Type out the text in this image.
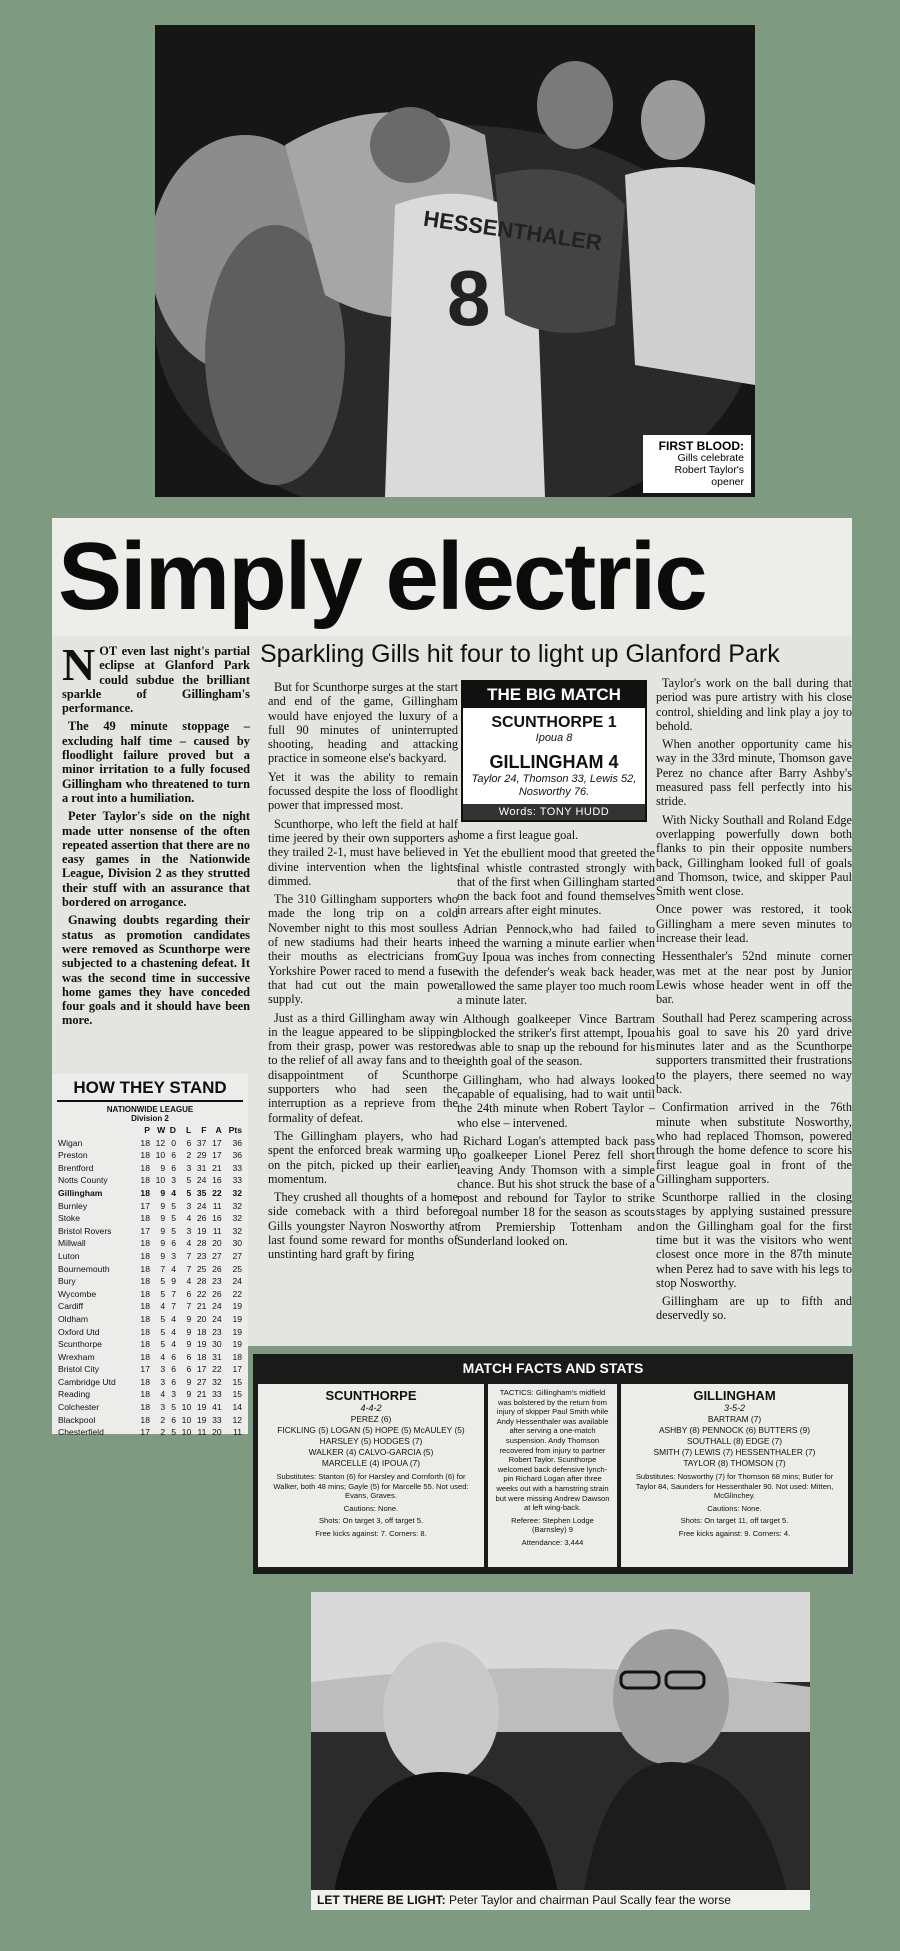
HESSENTHALER
8
FIRST BLOOD:
Gills celebrate Robert Taylor's opener
Simply electric
Sparkling Gills hit four to light up Glanford Park

NOT even last night's partial eclipse at Glanford Park could subdue the brilliant sparkle of Gillingham's performance.

The 49 minute stoppage – excluding half time – caused by floodlight failure proved but a minor irritation to a fully focused Gillingham who threatened to turn a rout into a humiliation.

Peter Taylor's side on the night made utter nonsense of the often repeated assertion that there are no easy games in the Nationwide League, Division 2 as they strutted their stuff with an assurance that bordered on arrogance.

Gnawing doubts regarding their status as promotion candidates were removed as Scunthorpe were subjected to a chastening defeat. It was the second time in successive home games they have conceded four goals and it should have been more.

But for Scunthorpe surges at the start and end of the game, Gillingham would have enjoyed the luxury of a full 90 minutes of uninterrupted shooting, heading and attacking practice in someone else's backyard.

Yet it was the ability to remain focussed despite the loss of floodlight power that impressed most.

Scunthorpe, who left the field at half time jeered by their own supporters as they trailed 2-1, must have believed in divine intervention when the lights dimmed.

The 310 Gillingham supporters who made the long trip on a cold November night to this most soulless of new stadiums had their hearts in their mouths as electricians from Yorkshire Power raced to mend a fuse that had cut out the main power supply.

Just as a third Gillingham away win in the league appeared to be slipping from their grasp, power was restored to the relief of all away fans and to the disappointment of Scunthorpe supporters who had seen the interruption as a reprieve from the formality of defeat.

The Gillingham players, who had spent the enforced break warming up on the pitch, picked up their earlier momentum.

They crushed all thoughts of a home side comeback with a third before Gills youngster Nayron Nosworthy at last found some reward for months of unstinting hard graft by firing

THE BIG MATCH
SCUNTHORPE 1
Ipoua 8
GILLINGHAM 4
Taylor 24, Thomson 33, Lewis 52, Nosworthy 76.
Words: TONY HUDD

home a first league goal.

Yet the ebullient mood that greeted the final whistle contrasted strongly with that of the first when Gillingham started on the back foot and found themselves in arrears after eight minutes.

Adrian Pennock,who had failed to heed the warning a minute earlier when Guy Ipoua was inches from connecting with the defender's weak back header, allowed the same player too much room a minute later.

Although goalkeeper Vince Bartram blocked the striker's first attempt, Ipoua was able to snap up the rebound for his eighth goal of the season.

Gillingham, who had always looked capable of equalising, had to wait until the 24th minute when Robert Taylor – who else – intervened.

Richard Logan's attempted back pass to goalkeeper Lionel Perez fell short leaving Andy Thomson with a simple chance. But his shot struck the base of a post and rebound for Taylor to strike goal number 18 for the season as scouts from Premiership Tottenham and Sunderland looked on.

Taylor's work on the ball during that period was pure artistry with his close control, shielding and link play a joy to behold.

When another opportunity came his way in the 33rd minute, Thomson gave Perez no chance after Barry Ashby's measured pass fell perfectly into his stride.

With Nicky Southall and Roland Edge overlapping powerfully down both flanks to pin their opposite numbers back, Gillingham looked full of goals and Thomson, twice, and skipper Paul Smith went close.

Once power was restored, it took Gillingham a mere seven minutes to increase their lead.

Hessenthaler's 52nd minute corner was met at the near post by Junior Lewis whose header went in off the bar.

Southall had Perez scampering across his goal to save his 20 yard drive minutes later and as the Scunthorpe supporters transmitted their frustrations to the players, there seemed no way back.

Confirmation arrived in the 76th minute when substitute Nosworthy, who had replaced Thomson, powered through the home defence to score his first league goal in front of the Gillingham supporters.

Scunthorpe rallied in the closing stages by applying sustained pressure on the Gillingham goal for the first time but it was the visitors who went closest once more in the 87th minute when Perez had to save with his legs to stop Nosworthy.

Gillingham are up to fifth and deservedly so.

HOW THEY STAND
NATIONWIDE LEAGUE
Division 2
	P	W	D	L	F	A	Pts
Wigan	18	12	0	6	37	17	36
Preston	18	10	6	2	29	17	36
Brentford	18	9	6	3	31	21	33
Notts County	18	10	3	5	24	16	33
Gillingham	18	9	4	5	35	22	32
Burnley	17	9	5	3	24	11	32
Stoke	18	9	5	4	26	16	32
Bristol Rovers	17	9	5	3	19	11	32
Millwall	18	9	6	4	28	20	30
Luton	18	9	3	7	23	27	27
Bournemouth	18	7	4	7	25	26	25
Bury	18	5	9	4	28	23	24
Wycombe	18	5	7	6	22	26	22
Cardiff	18	4	7	7	21	24	19
Oldham	18	5	4	9	20	24	19
Oxford Utd	18	5	4	9	18	23	19
Scunthorpe	18	5	4	9	19	30	19
Wrexham	18	4	6	6	18	31	18
Bristol City	17	3	6	6	17	22	17
Cambridge Utd	18	3	6	9	27	32	15
Reading	18	4	3	9	21	33	15
Colchester	18	3	5	10	19	41	14
Blackpool	18	2	6	10	19	33	12
Chesterfield	17	2	5	10	11	20	11
MATCH FACTS AND STATS
SCUNTHORPE
4-4-2
PEREZ (6)
FICKLING (5) LOGAN (5) HOPE (5) McAULEY (5)
HARSLEY (5) HODGES (7)
WALKER (4) CALVO-GARCIA (5)
MARCELLE (4) IPOUA (7)
Substitutes: Stanton (6) for Harsley and Cornforth (6) for Walker, both 48 mins; Gayle (5) for Marcelle 55. Not used: Evans, Graves.
Cautions: None.
Shots: On target 3, off target 5.
Free kicks against: 7. Corners: 8.
TACTICS: Gillingham's midfield was bolstered by the return from injury of skipper Paul Smith while Andy Hessenthaler was available after serving a one-match suspension. Andy Thomson recovered from injury to partner Robert Taylor. Scunthorpe welcomed back defensive lynch-pin Richard Logan after three weeks out with a hamstring strain but were missing Andrew Dawson at left wing-back.
Referee: Stephen Lodge (Barnsley) 9
Attendance: 3,444
GILLINGHAM
3-5-2
BARTRAM (7)
ASHBY (8) PENNOCK (6) BUTTERS (9)
SOUTHALL (8) EDGE (7)
SMITH (7) LEWIS (7) HESSENTHALER (7)
TAYLOR (8) THOMSON (7)
Substitutes: Nosworthy (7) for Thomson 68 mins; Butler for Taylor 84, Saunders for Hessenthaler 90. Not used: Mitten, McGlinchey.
Cautions: None.
Shots: On target 11, off target 5.
Free kicks against: 9. Corners: 4.
LET THERE BE LIGHT: Peter Taylor and chairman Paul Scally fear the worse
